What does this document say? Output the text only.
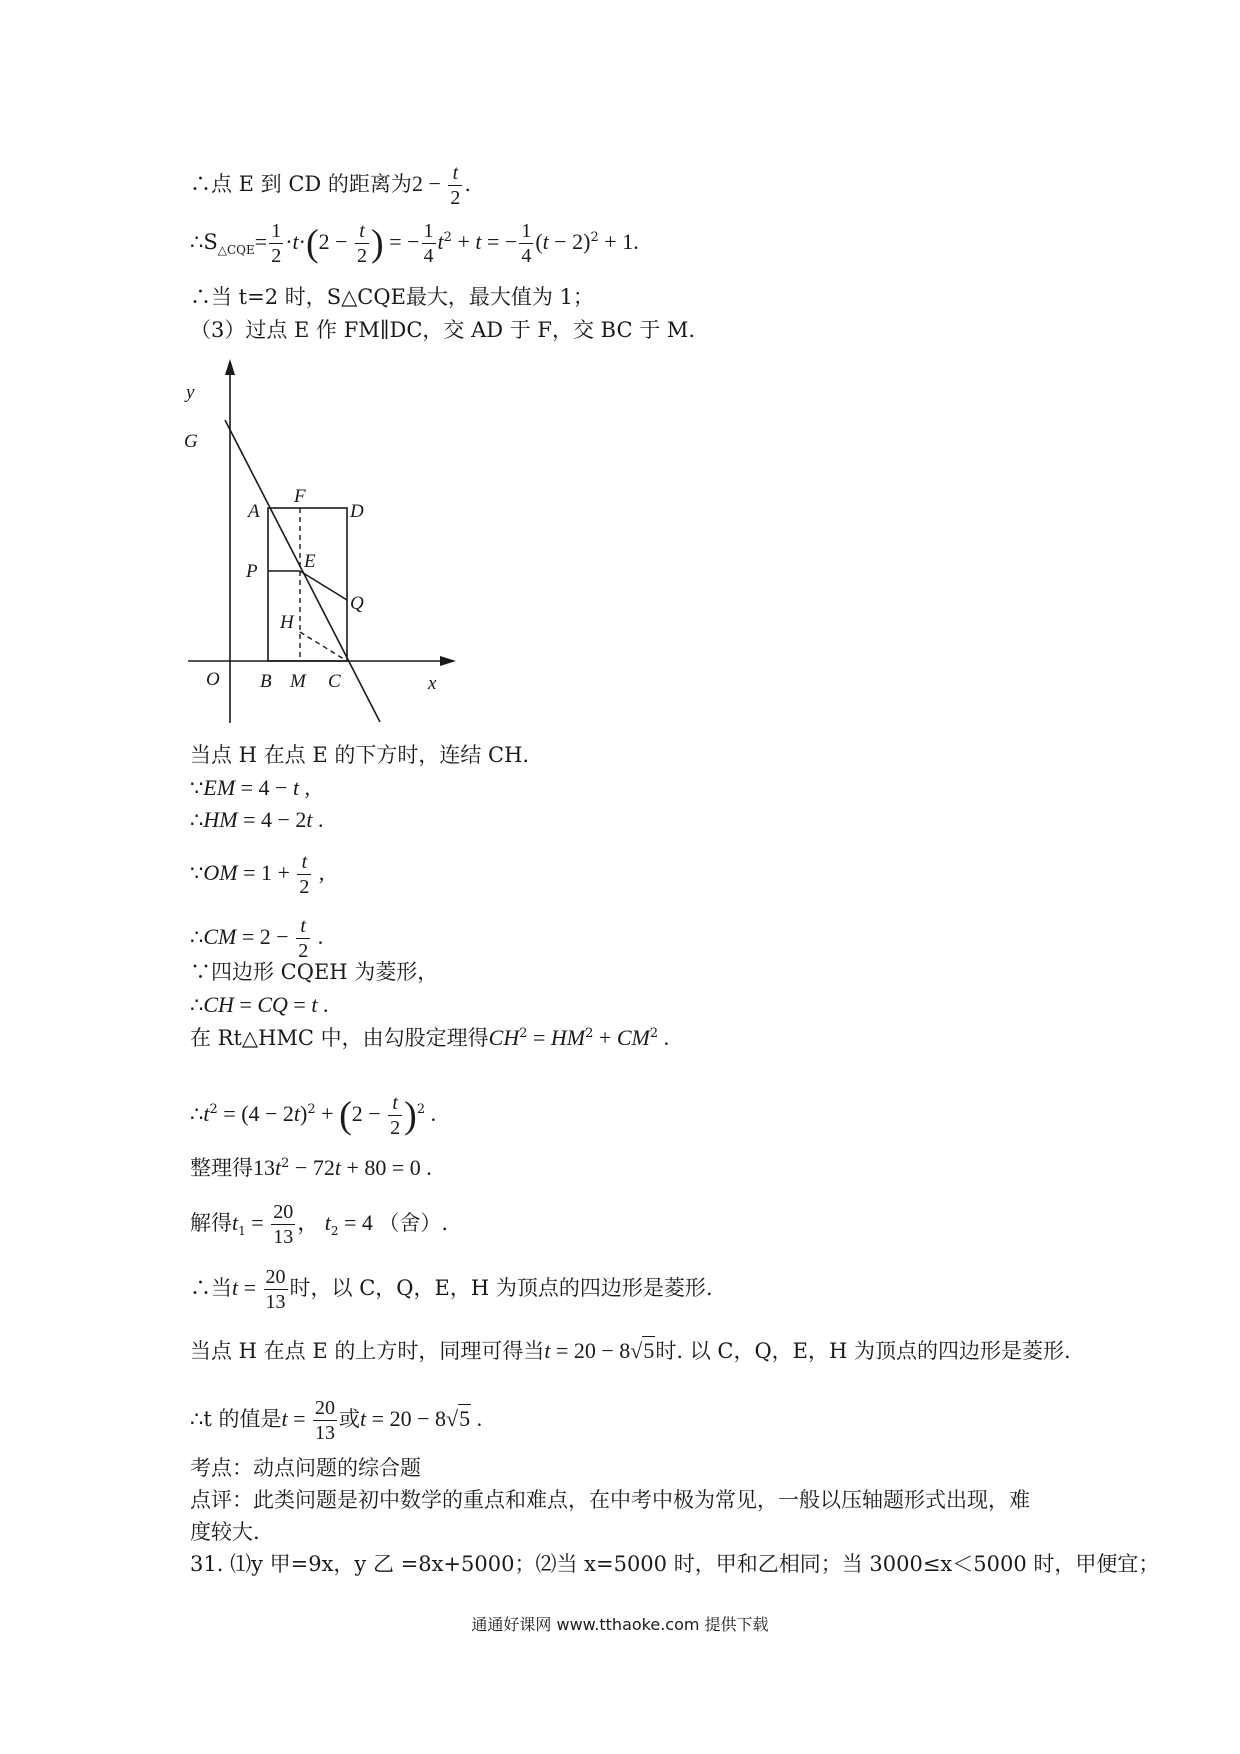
∴点 E 到 CD 的距离为$2 - \frac{t}{2}$ .
$\therefore S_{\triangle CQE}= \frac{1}{2} \cdot t\cdot(2 - \frac{t}{2}$ ) = − $\frac{1}{4} t^2 + t$ = − $\frac{1}{4} (t - 2)^2 + 1$.
∴当 t=2 时，S△CQE最大，最大值为 1；
（3）过点 E 作 FM∥DC，交 AD 于 F，交 BC 于 M.
y
G
F
D
A
P E
Q
H
O B M C	x
当点 H 在点 E 的下方时，连结 CH.
∵EM = 4 − t ,
∴HM = 4 − 2t .
∵OM = $1 + \frac{t}{2}$ ,
∴CM = $2 - \frac{t}{2}$ .
∵四边形 CQEH 为菱形，
∴CH = CQ = t .
在 Rt△HMC 中，由勾股定理得$CH^2 = HM^2 + CM^2$ .
$\therefore t^2 = (4 - 2t)^2 + (2 - \frac{t}{2} )^2$ .
整理得$13t^2 - 72t + 80 = 0$ .
解得$t_1 = \frac{20}{13}$ ， $t_2 = 4$ （舍）.
∴当$t = \frac{20}{13}$ 时，以 C，Q，E，H 为顶点的四边形是菱形.
当点 H 在点 E 的上方时，同理可得当t = 20 − 8√5时. 以 C，Q，E，H 为顶点的四边形是菱形.
∴t 的值是$t = \frac{20}{13}$ 或t = 20 − 8√5 .
考点：动点问题的综合题
点评：此类问题是初中数学的重点和难点，在中考中极为常见，一般以压轴题形式出现，难
度较大.
31. ⑴y 甲=9x，y 乙 =8x+5000；⑵当 x=5000 时，甲和乙相同；当 3000≤x＜5000 时，甲便宜；
通通好课网 www.tthaoke.com 提供下载
